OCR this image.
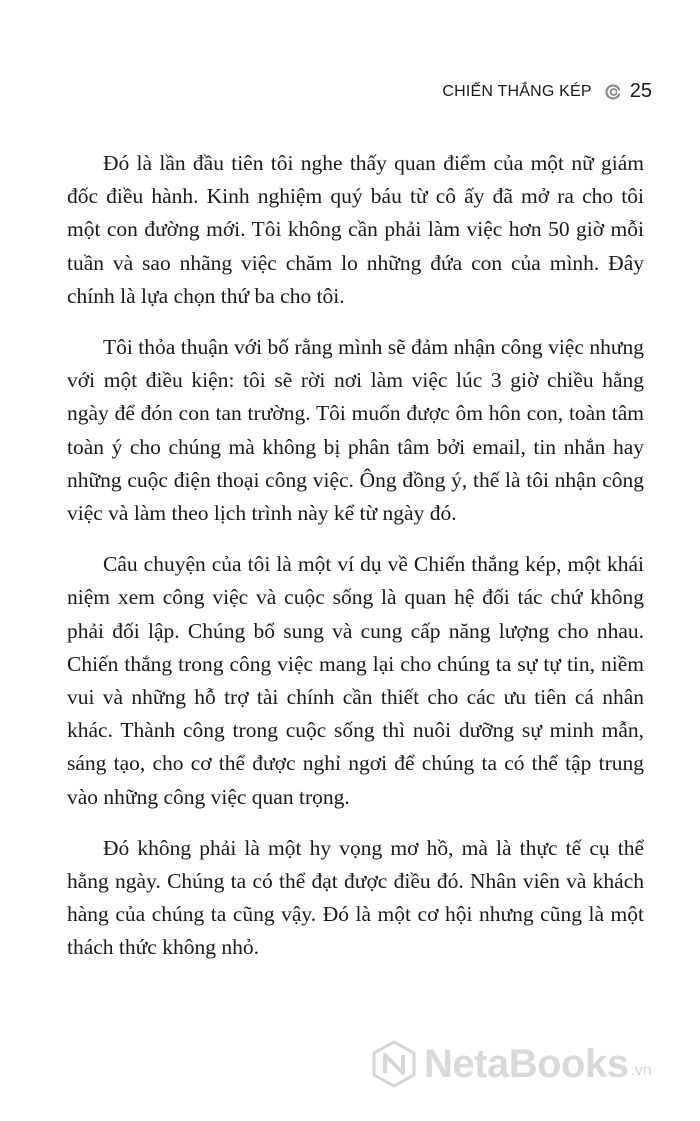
CHIẾN THẮNG KÉP 25

Đó là lần đầu tiên tôi nghe thấy quan điểm của một nữ giám đốc điều hành. Kinh nghiệm quý báu từ cô ấy đã mở ra cho tôi một con đường mới. Tôi không cần phải làm việc hơn 50 giờ mỗi tuần và sao nhãng việc chăm lo những đứa con của mình. Đây chính là lựa chọn thứ ba cho tôi.

Tôi thỏa thuận với bố rằng mình sẽ đảm nhận công việc nhưng với một điều kiện: tôi sẽ rời nơi làm việc lúc 3 giờ chiều hằng ngày để đón con tan trường. Tôi muốn được ôm hôn con, toàn tâm toàn ý cho chúng mà không bị phân tâm bởi email, tin nhắn hay những cuộc điện thoại công việc. Ông đồng ý, thế là tôi nhận công việc và làm theo lịch trình này kể từ ngày đó.

Câu chuyện của tôi là một ví dụ về Chiến thắng kép, một khái niệm xem công việc và cuộc sống là quan hệ đối tác chứ không phải đối lập. Chúng bổ sung và cung cấp năng lượng cho nhau. Chiến thắng trong công việc mang lại cho chúng ta sự tự tin, niềm vui và những hỗ trợ tài chính cần thiết cho các ưu tiên cá nhân khác. Thành công trong cuộc sống thì nuôi dưỡng sự minh mẫn, sáng tạo, cho cơ thể được nghỉ ngơi để chúng ta có thể tập trung vào những công việc quan trọng.

Đó không phải là một hy vọng mơ hồ, mà là thực tế cụ thể hằng ngày. Chúng ta có thể đạt được điều đó. Nhân viên và khách hàng của chúng ta cũng vậy. Đó là một cơ hội nhưng cũng là một thách thức không nhỏ.

NetaBooks .vn
